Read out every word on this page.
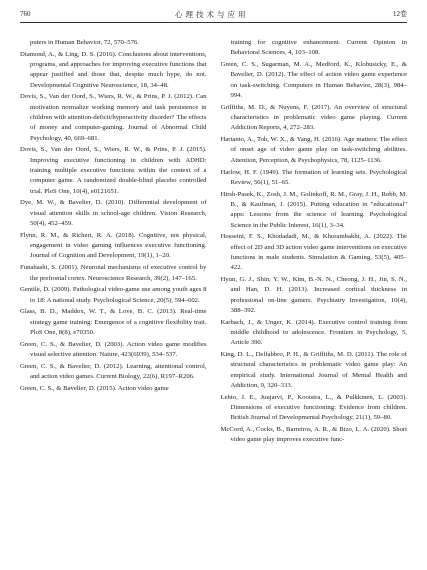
760	心理技术与应用	12卷

puters in Human Behavior, 72, 570–576.

Diamond, A., & Ling, D. S. (2016). Conclusions about interventions, programs, and approaches for improving executive functions that appear justified and those that, despite much hype, do not. Developmental Cognitive Neuroscience, 18, 34–48.

Dovis, S., Van der Oord, S., Wiers, R. W., & Prins, P. J. (2012). Can motivation normalize working memory and task persistence in children with attention-deficit/hyperactivity disorder? The effects of money and computer-gaming. Journal of Abnormal Child Psychology, 40, 669–681.

Dovis, S., Van der Oord, S., Wiers, R. W., & Prins, P. J. (2015). Improving executive functioning in children with ADHD: training multiple executive functions within the context of a computer game. A randomized double-blind placebo controlled trial. PloS One, 10(4), e0121651.

Dye, M. W., & Bavelier, D. (2010). Differential development of visual attention skills in school-age children. Vision Research, 50(4), 452–459.

Flynn, R. M., & Richert, R. A. (2018). Cognitive, not physical, engagement in video gaming influences executive functioning. Journal of Cognition and Development, 19(1), 1–20.

Funahashi, S. (2001). Neuronal mechanisms of executive control by the prefrontal cortex. Neuroscience Research, 39(2), 147–165.

Gentile, D. (2009). Pathological video-game use among youth ages 8 to 18: A national study. Psychological Science, 20(5), 594–602.

Glass, B. D., Maddox, W. T., & Love, B. C. (2013). Real-time strategy game training: Emergence of a cognitive flexibility trait. PloS One, 8(8), e70350.

Green, C. S., & Bavelier, D. (2003). Action video game modifies visual selective attention. Nature, 423(6939), 534–537.

Green, C. S., & Bavelier, D. (2012). Learning, attentional control, and action video games. Current Biology, 22(6), R197–R206.

Green, C. S., & Bavelier, D. (2015). Action video game

training for cognitive enhancement. Current Opinion in Behavioral Sciences, 4, 103–108.

Green, C. S., Sugarman, M. A., Medford, K., Klobusicky, E., & Bavelier, D. (2012). The effect of action video game experience on task-switching. Computers in Human Behavior, 28(3), 984–994.

Griffiths, M. D., & Nuyens, F. (2017). An overview of structural characteristics in problematic video game playing. Current Addiction Reports, 4, 272–283.

Hartanto, A., Toh, W. X., & Yang, H. (2016). Age matters: The effect of onset age of video game play on task-switching abilities. Attention, Perception, & Psychophysics, 78, 1125–1136.

Harlow, H. F. (1949). The formation of learning sets. Psychological Review, 56(1), 51–65.

Hirsh-Pasek, K., Zosh, J. M., Golinkoff, R. M., Gray, J. H., Robb, M. B., & Kaufman, J. (2015). Putting education in "educational" apps: Lessons from the science of learning. Psychological Science in the Public Interest, 16(1), 3–34.

Hosseini, F. S., Khodadadi, M., & Khorambakht, A. (2022). The effect of 2D and 3D action video game interventions on executive functions in male students. Simulation & Gaming, 53(5), 405–422.

Hyun, G. J., Shin, Y. W., Kim, B.-N. N., Cheong, J. H., Jin, S. N., and Han, D. H. (2013). Increased cortical thickness in professional on-line gamers. Psychiatry Investigation, 10(4), 388–392.

Karbach, J., & Unger, K. (2014). Executive control training from middle childhood to adolescence. Frontiers in Psychology, 5, Article 390.

King, D. L., Delfabbro, P. H., & Griffiths, M. D. (2011). The role of structural characteristics in problematic video game play: An empirical study. International Journal of Mental Health and Addiction, 9, 320–333.

Lehto, J. E., Juujarvi, P., Kooistra, L., & Pulkkinen, L. (2003). Dimensions of executive functioning: Evidence from children. British Journal of Developmental Psychology, 21(1), 59–80.

McCord, A., Cocks, B., Barreiros, A. R., & Bizo, L. A. (2020). Short video game play improves executive func-
